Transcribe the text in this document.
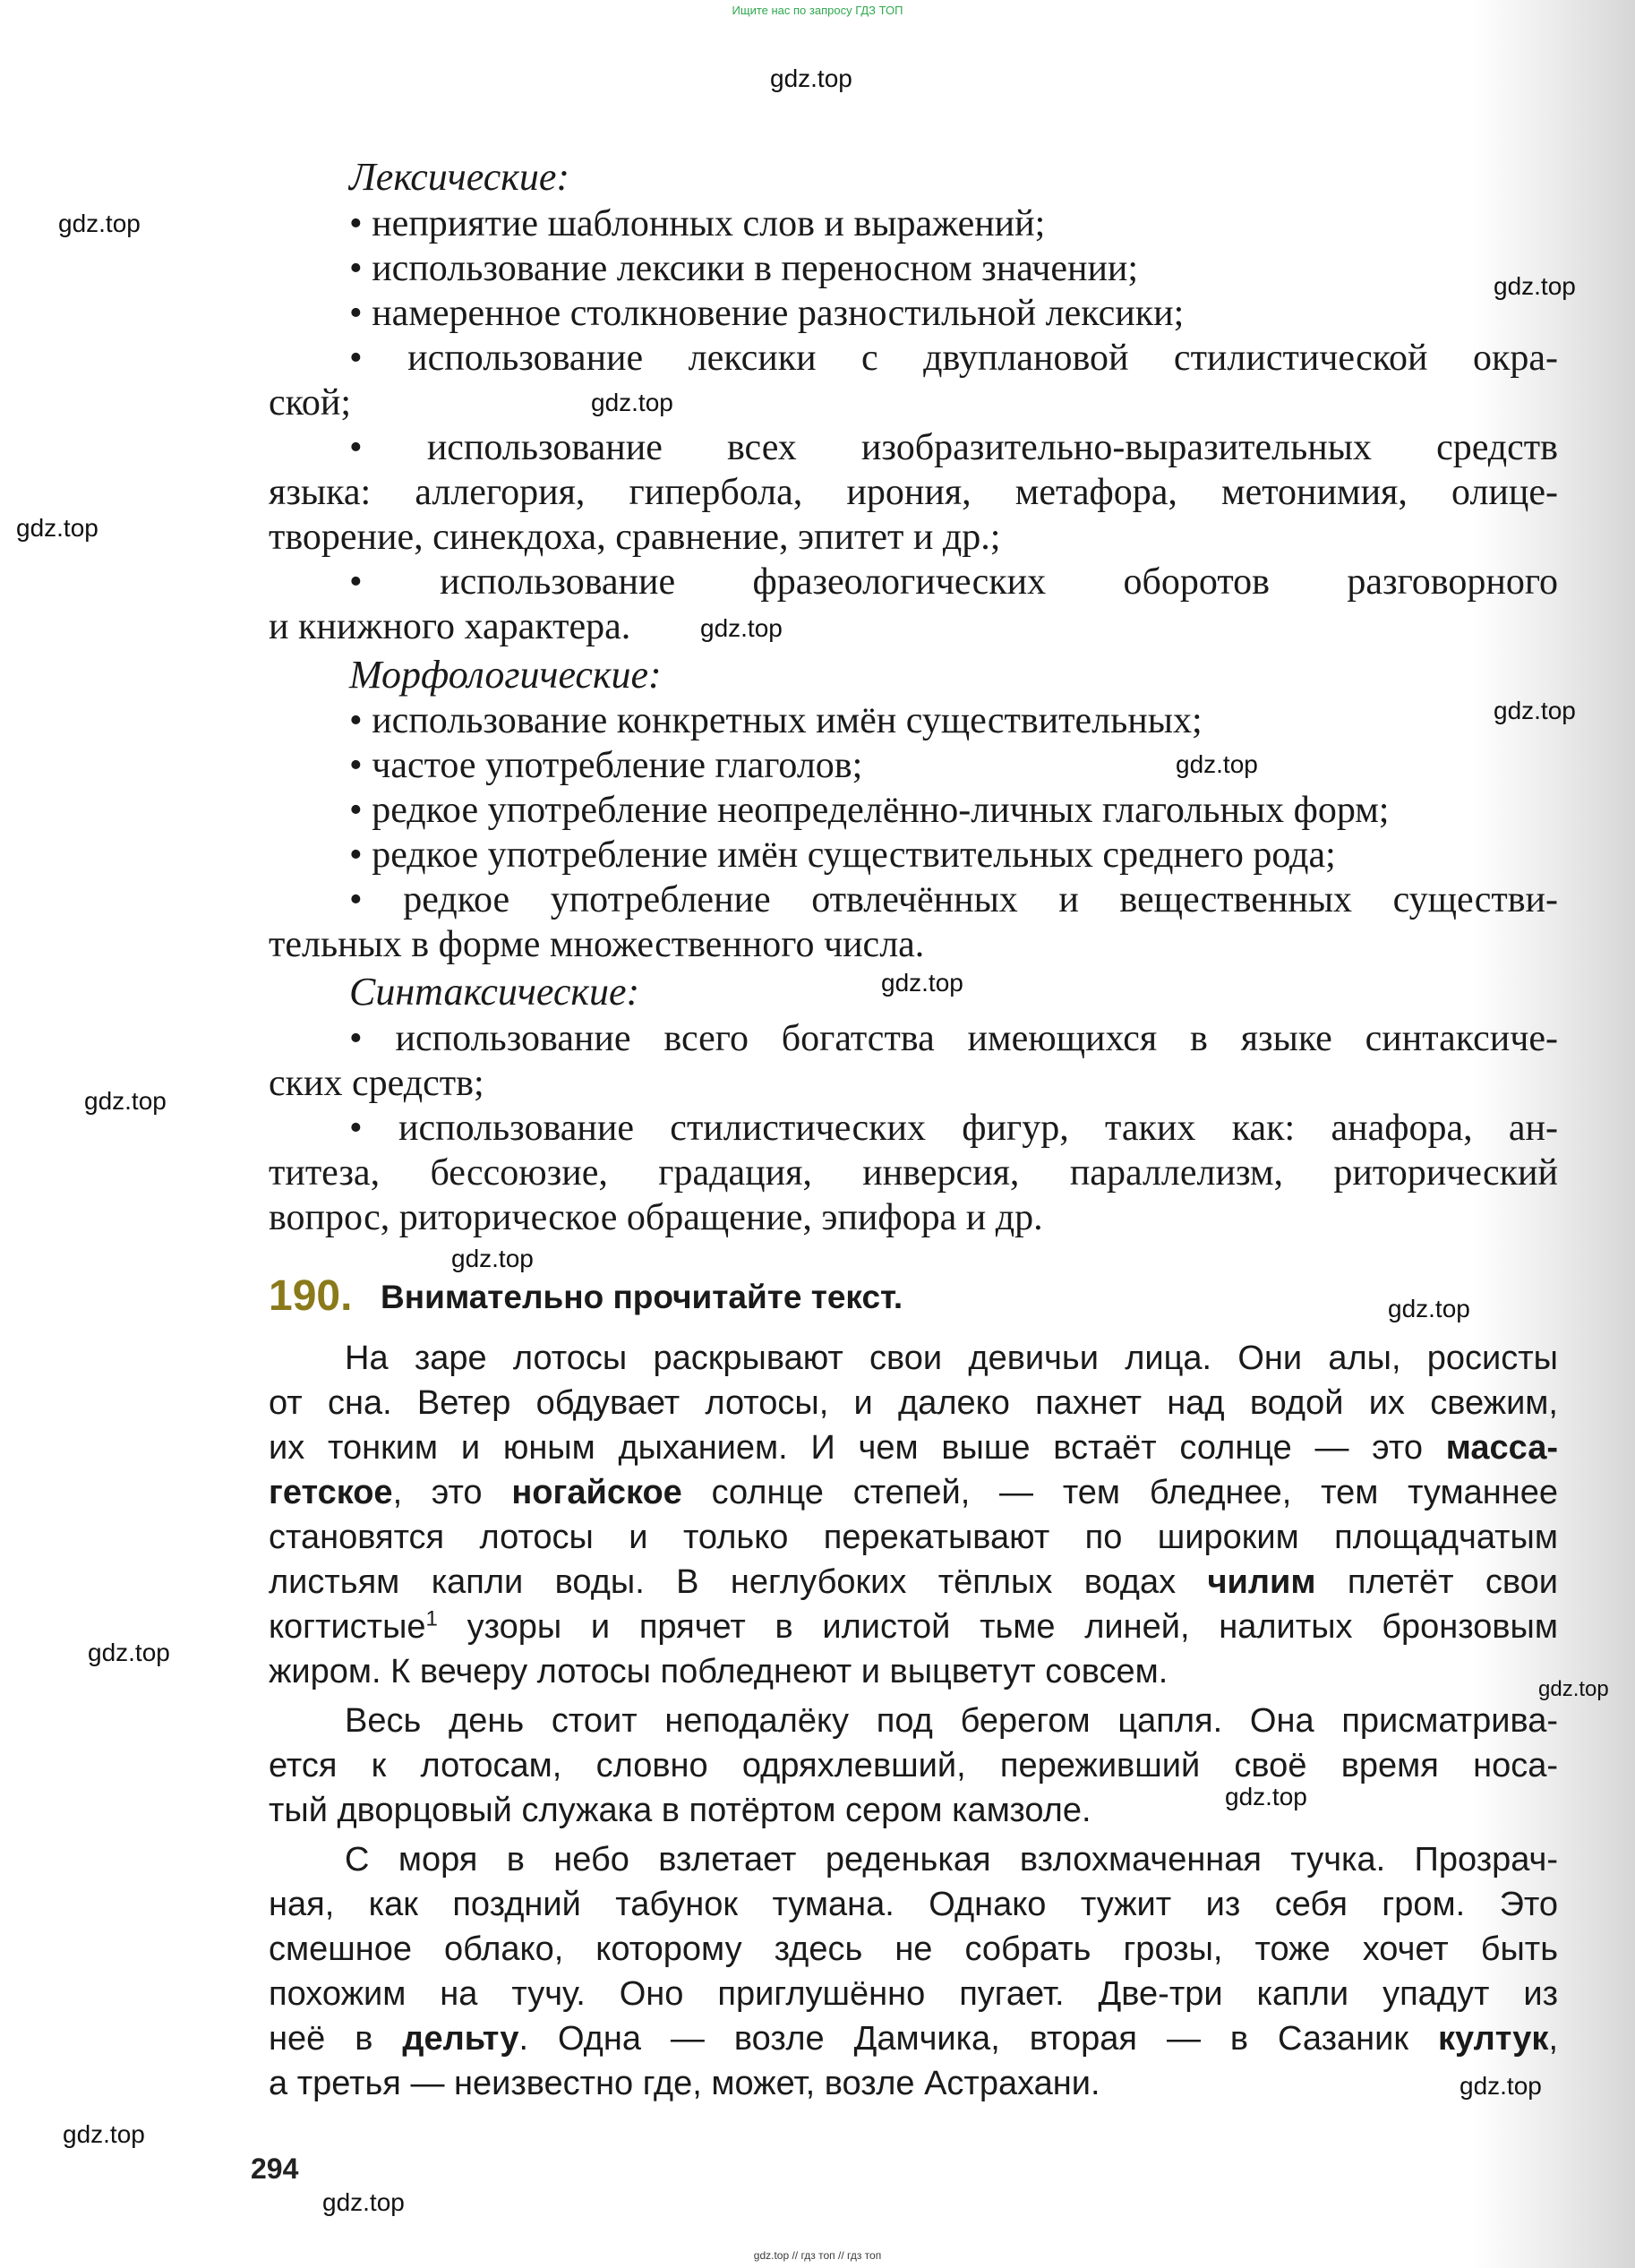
Ищите нас по запросу ГДЗ ТОП
gdz.top
gdz.top
gdz.top
gdz.top
gdz.top
gdz.top
gdz.top
gdz.top
gdz.top
gdz.top
gdz.top
gdz.top
gdz.top
gdz.top
gdz.top
gdz.top
gdz.top
gdz.top
Лексические:
• неприятие шаблонных слов и выражений;
• использование лексики в переносном значении;
• намеренное столкновение разностильной лексики;
• использование лексики с двуплановой стилистической окра-
ской;
• использование всех изобразительно-выразительных средств
языка: аллегория, гипербола, ирония, метафора, метонимия, олице-
творение, синекдоха, сравнение, эпитет и др.;
• использование фразеологических оборотов разговорного
и книжного характера.
Морфологические:
• использование конкретных имён существительных;
• частое употребление глаголов;
• редкое употребление неопределённо-личных глагольных форм;
• редкое употребление имён существительных среднего рода;
• редкое употребление отвлечённых и вещественных существи-
тельных в форме множественного числа.
Синтаксические:
• использование всего богатства имеющихся в языке синтаксиче-
ских средств;
• использование стилистических фигур, таких как: анафора, ан-
титеза, бессоюзие, градация, инверсия, параллелизм, риторический
вопрос, риторическое обращение, эпифора и др.
190. Внимательно прочитайте текст.
На заре лотосы раскрывают свои девичьи лица. Они алы, росисты
от сна. Ветер обдувает лотосы, и далеко пахнет над водой их свежим,
их тонким и юным дыханием. И чем выше встаёт солнце — это масса-
гетское, это ногайское солнце степей, — тем бледнее, тем туманнее
становятся лотосы и только перекатывают по широким площадчатым
листьям капли воды. В неглубоких тёплых водах чилим плетёт свои
когтистые$^1$ узоры и прячет в илистой тьме линей, налитых бронзовым
жиром. К вечеру лотосы побледнеют и выцветут совсем.
Весь день стоит неподалёку под берегом цапля. Она присматрива-
ется к лотосам, словно одряхлевший, переживший своё время носа-
тый дворцовый служака в потёртом сером камзоле.
С моря в небо взлетает реденькая взлохмаченная тучка. Прозрач-
ная, как поздний табунок тумана. Однако тужит из себя гром. Это
смешное облако, которому здесь не собрать грозы, тоже хочет быть
похожим на тучу. Оно приглушённо пугает. Две-три капли упадут из
неё в дельту. Одна — возле Дамчика, вторая — в Сазаник култук,
а третья — неизвестно где, может, возле Астрахани.
294
gdz.top // гдз топ // гдз топ
